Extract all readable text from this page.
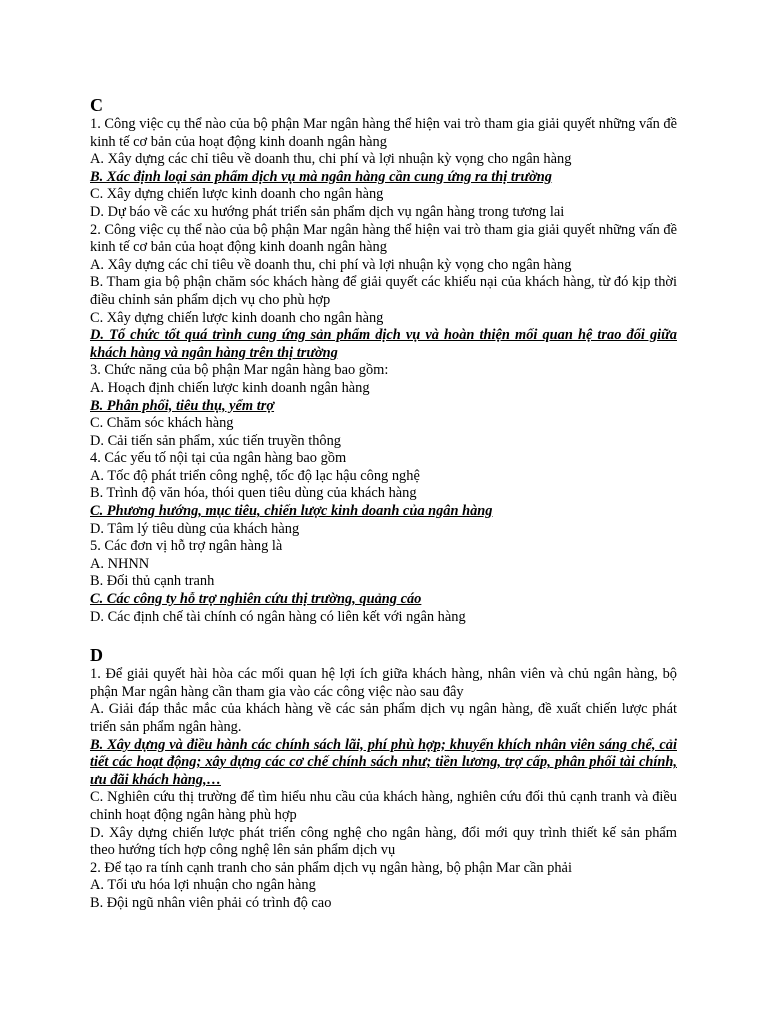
C

1. Công việc cụ thể nào của bộ phận Mar ngân hàng thể hiện vai trò tham gia giải quyết những vấn đề kinh tế cơ bản của hoạt động kinh doanh ngân hàng

A. Xây dựng các chỉ tiêu về doanh thu, chi phí và lợi nhuận kỳ vọng cho ngân hàng

B. Xác định loại sản phẩm dịch vụ mà ngân hàng cần cung ứng ra thị trường

C. Xây dựng chiến lược kinh doanh cho ngân hàng

D. Dự báo về các xu hướng phát triển sản phẩm dịch vụ ngân hàng trong tương lai

2. Công việc cụ thể nào của bộ phận Mar ngân hàng thể hiện vai trò tham gia giải quyết những vấn đề kinh tế cơ bản của hoạt động kinh doanh ngân hàng

A. Xây dựng các chỉ tiêu về doanh thu, chi phí và lợi nhuận kỳ vọng cho ngân hàng

B. Tham gia bộ phận chăm sóc khách hàng để giải quyết các khiếu nại của khách hàng, từ đó kịp thời điều chỉnh sản phẩm dịch vụ cho phù hợp

C. Xây dựng chiến lược kinh doanh cho ngân hàng

D. Tổ chức tốt quá trình cung ứng sản phẩm dịch vụ và hoàn thiện mối quan hệ trao đổi giữa khách hàng và ngân hàng trên thị trường

3. Chức năng của bộ phận Mar ngân hàng bao gồm:

A. Hoạch định chiến lược kinh doanh ngân hàng

B. Phân phối, tiêu thụ, yểm trợ

C. Chăm sóc khách hàng

D. Cải tiến sản phẩm, xúc tiến truyền thông

4. Các yếu tố nội tại của ngân hàng bao gồm

A. Tốc độ phát triển công nghệ, tốc độ lạc hậu công nghệ

B. Trình độ văn hóa, thói quen tiêu dùng của khách hàng

C. Phương hướng, mục tiêu, chiến lược kinh doanh của ngân hàng

D. Tâm lý tiêu dùng của khách hàng

5. Các đơn vị hỗ trợ ngân hàng là

A. NHNN

B. Đối thủ cạnh tranh

C. Các công ty hỗ trợ nghiên cứu thị trường, quảng cáo

D. Các định chế tài chính có ngân hàng có liên kết với ngân hàng

D

1. Để giải quyết hài hòa các mối quan hệ lợi ích giữa khách hàng, nhân viên và chủ ngân hàng, bộ phận Mar ngân hàng cần tham gia vào các công việc nào sau đây

A. Giải đáp thắc mắc của khách hàng về các sản phẩm dịch vụ ngân hàng, đề xuất chiến lược phát triển sản phẩm ngân hàng.

B. Xây dựng và điều hành các chính sách lãi, phí phù hợp; khuyến khích nhân viên sáng chế, cải tiết các hoạt động; xây dựng các cơ chế chính sách như; tiền lương, trợ cấp, phân phối tài chính, ưu đãi khách hàng,…

C. Nghiên cứu thị trường để tìm hiểu nhu cầu của khách hàng, nghiên cứu đối thủ cạnh tranh và điều chỉnh hoạt động ngân hàng phù hợp

D. Xây dựng chiến lược phát triển công nghệ cho ngân hàng, đổi mới quy trình thiết kế sản phẩm theo hướng tích hợp công nghệ lên sản phẩm dịch vụ

2. Để tạo ra tính cạnh tranh cho sản phẩm dịch vụ ngân hàng, bộ phận Mar cần phải

A. Tối ưu hóa lợi nhuận cho ngân hàng

B. Đội ngũ nhân viên phải có trình độ cao
